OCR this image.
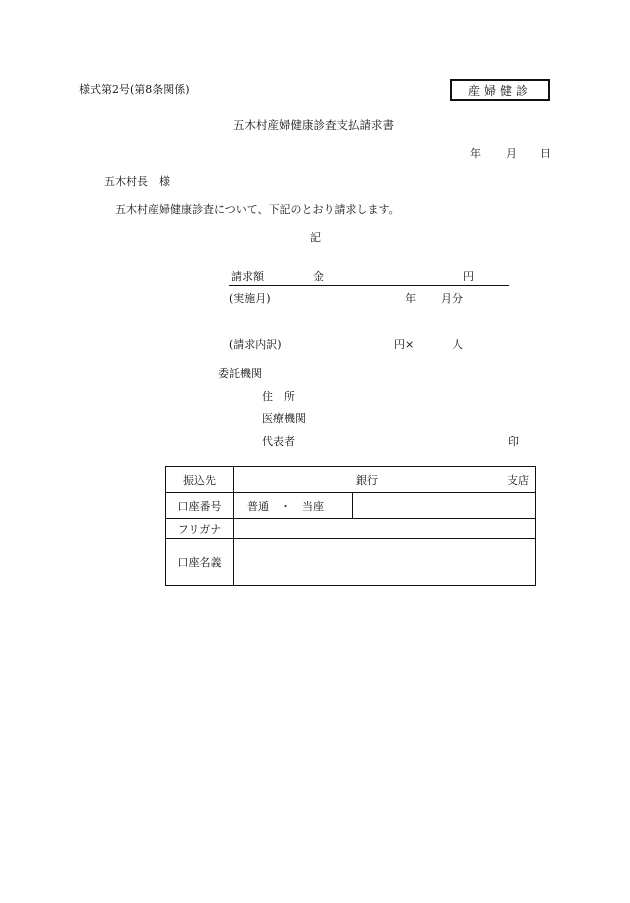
様式第2号(第8条関係)	産婦健診
五木村産婦健康診査支払請求書
年 月 日
五木村長　様
五木村産婦健康診査について、下記のとおり請求します。
記
請求額	金	円
(実施月)	年 月分
(請求内訳)	円×	人
委託機関
住　所
医療機関
代表者	印
振込先	銀行 支店	

口座番号	普通　・　当座	
フリガナ		
口座名義		
